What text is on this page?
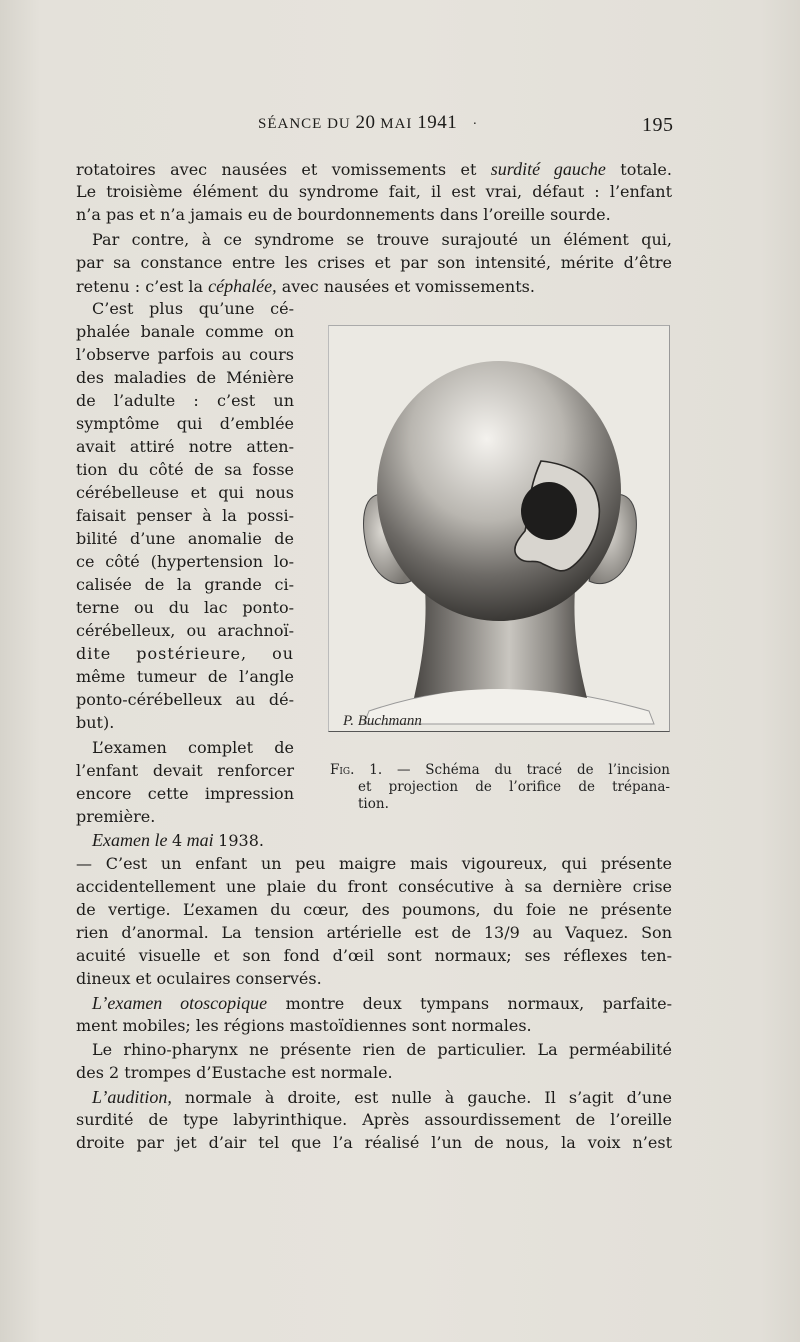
SÉANCE DU 20 MAI 1941 ·	195
rotatoires avec nausées et vomissements et surdité gauche totale.
Le troisième élément du syndrome fait, il est vrai, défaut : l’enfant
n’a pas et n’a jamais eu de bourdonnements dans l’oreille sourde.
Par contre, à ce syndrome se trouve surajouté un élément qui,
par sa constance entre les crises et par son intensité, mérite d’être
retenu : c’est la céphalée, avec nausées et vomissements.
C’est plus qu’une cé-
phalée banale comme on
l’observe parfois au cours
des maladies de Ménière
de l’adulte : c’est un
symptôme qui d’emblée
avait attiré notre atten-
tion du côté de sa fosse
cérébelleuse et qui nous
faisait penser à la possi-
bilité d’une anomalie de
ce côté (hypertension lo-
calisée de la grande ci-
terne ou du lac ponto-
cérébelleux, ou arachnoï-
dite postérieure, ou
même tumeur de l’angle
ponto-cérébelleux au dé-
but).
L’examen complet de
l’enfant devait renforcer
encore cette impression
première.
Examen le 4 mai 1938.
— C’est un enfant un peu maigre mais vigoureux, qui présente
accidentellement une plaie du front consécutive à sa dernière crise
de vertige. L’examen du cœur, des poumons, du foie ne présente
rien d’anormal. La tension artérielle est de 13/9 au Vaquez. Son
acuité visuelle et son fond d’œil sont normaux; ses réflexes ten-
dineux et oculaires conservés.
L’examen otoscopique montre deux tympans normaux, parfaite-
ment mobiles; les régions mastoïdiennes sont normales.
Le rhino-pharynx ne présente rien de particulier. La perméabilité
des 2 trompes d’Eustache est normale.
L’audition, normale à droite, est nulle à gauche. Il s’agit d’une
surdité de type labyrinthique. Après assourdissement de l’oreille
droite par jet d’air tel que l’a réalisé l’un de nous, la voix n’est
P. Buchmann
Fig. 1. — Schéma du tracé de l’incision
et projection de l’orifice de trépana-
tion.
